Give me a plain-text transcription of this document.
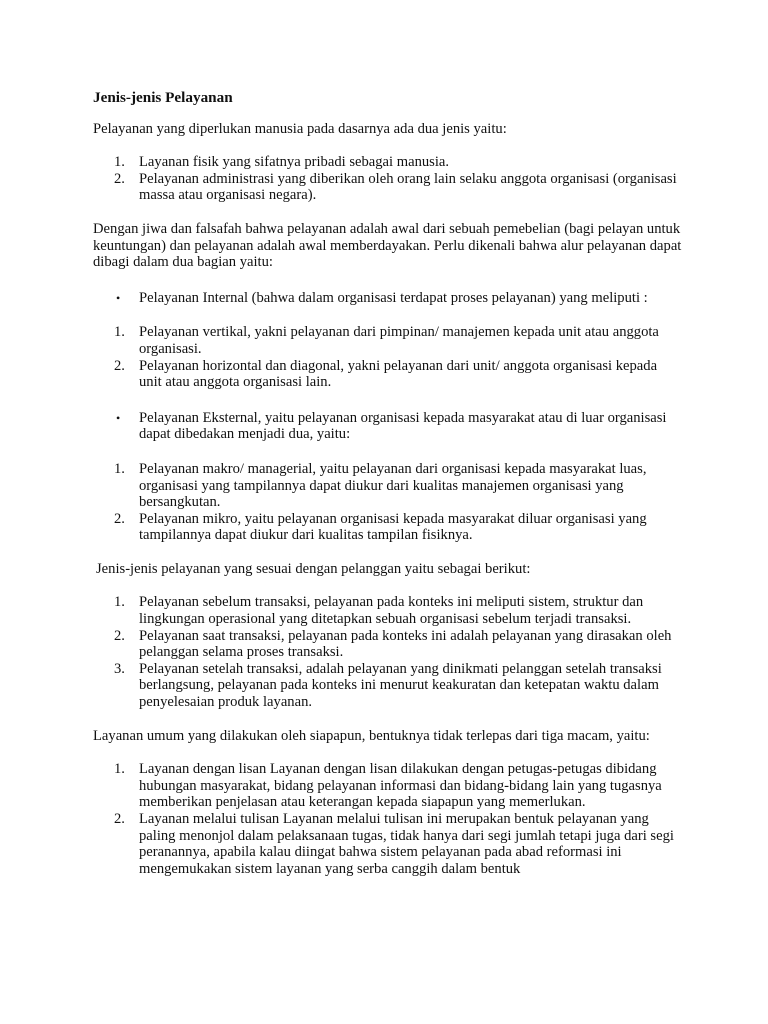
Jenis-jenis Pelayanan

Pelayanan yang diperlukan manusia pada dasarnya ada dua jenis yaitu:

1. Layanan fisik yang sifatnya pribadi sebagai manusia.
2. Pelayanan administrasi yang diberikan oleh orang lain selaku anggota organisasi (organisasi massa atau organisasi negara).

Dengan jiwa dan falsafah bahwa pelayanan adalah awal dari sebuah pemebelian (bagi pelayan untuk keuntungan) dan pelayanan adalah awal memberdayakan. Perlu dikenali bahwa alur pelayanan dapat dibagi dalam dua bagian yaitu:

• Pelayanan Internal (bahwa dalam organisasi terdapat proses pelayanan) yang meliputi :
1. Pelayanan vertikal, yakni pelayanan dari pimpinan/ manajemen kepada unit atau anggota organisasi.
2. Pelayanan horizontal dan diagonal, yakni pelayanan dari unit/ anggota organisasi kepada unit atau anggota organisasi lain.
• Pelayanan Eksternal, yaitu pelayanan organisasi kepada masyarakat atau di luar organisasi dapat dibedakan menjadi dua, yaitu:
1. Pelayanan makro/ managerial, yaitu pelayanan dari organisasi kepada masyarakat luas, organisasi yang tampilannya dapat diukur dari kualitas manajemen organisasi yang bersangkutan.
2. Pelayanan mikro, yaitu pelayanan organisasi kepada masyarakat diluar organisasi yang tampilannya dapat diukur dari kualitas tampilan fisiknya.

Jenis-jenis pelayanan yang sesuai dengan pelanggan yaitu sebagai berikut:

1. Pelayanan sebelum transaksi, pelayanan pada konteks ini meliputi sistem, struktur dan lingkungan operasional yang ditetapkan sebuah organisasi sebelum terjadi transaksi.
2. Pelayanan saat transaksi, pelayanan pada konteks ini adalah pelayanan yang dirasakan oleh pelanggan selama proses transaksi.
3. Pelayanan setelah transaksi, adalah pelayanan yang dinikmati pelanggan setelah transaksi berlangsung, pelayanan pada konteks ini menurut keakuratan dan ketepatan waktu dalam penyelesaian produk layanan.

Layanan umum yang dilakukan oleh siapapun, bentuknya tidak terlepas dari tiga macam, yaitu:

1. Layanan dengan lisan Layanan dengan lisan dilakukan dengan petugas-petugas dibidang hubungan masyarakat, bidang pelayanan informasi dan bidang-bidang lain yang tugasnya memberikan penjelasan atau keterangan kepada siapapun yang memerlukan.
2. Layanan melalui tulisan Layanan melalui tulisan ini merupakan bentuk pelayanan yang paling menonjol dalam pelaksanaan tugas, tidak hanya dari segi jumlah tetapi juga dari segi peranannya, apabila kalau diingat bahwa sistem pelayanan pada abad reformasi ini mengemukakan sistem layanan yang serba canggih dalam bentuk
